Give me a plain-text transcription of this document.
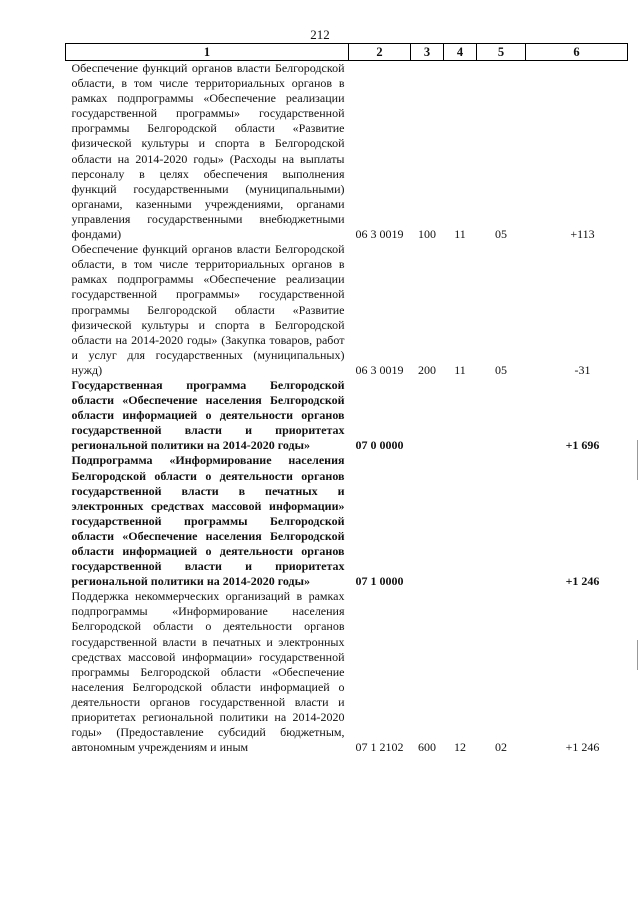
212
1	2	3	4	5	6
Обеспечение функций органов власти Белгородской области, в том числе территориальных органов в рамках подпрограммы «Обеспечение реализации государственной программы» государственной программы Белгородской области «Развитие физической культуры и спорта в Белгородской области на 2014-2020 годы» (Расходы на выплаты персоналу в целях обеспечения выполнения функций государственными (муниципальными) органами, казенными учреждениями, органами управления государственными внебюджетными фондами)	06 3 0019	100	11	05	+113
Обеспечение функций органов власти Белгородской области, в том числе территориальных органов в рамках подпрограммы «Обеспечение реализации государственной программы» государственной программы Белгородской области «Развитие физической культуры и спорта в Белгородской области на 2014-2020 годы» (Закупка товаров, работ и услуг для государственных (муниципальных) нужд)	06 3 0019	200	11	05	-31
Государственная программа Белгородской области «Обеспечение населения Белгородской области информацией о деятельности органов государственной власти и приоритетах региональной политики на 2014-2020 годы»	07 0 0000				+1 696
Подпрограмма «Информирование населения Белгородской области о деятельности органов государственной власти в печатных и электронных средствах массовой информации» государственной программы Белгородской области «Обеспечение населения Белгородской области информацией о деятельности органов государственной власти и приоритетах региональной политики на 2014-2020 годы»	07 1 0000				+1 246
Поддержка некоммерческих организаций в рамках подпрограммы «Информирование населения Белгородской области о деятельности органов государственной власти в печатных и электронных средствах массовой информации» государственной программы Белгородской области «Обеспечение населения Белгородской области информацией о деятельности органов государственной власти и приоритетах региональной политики на 2014-2020 годы» (Предоставление субсидий бюджетным, автономным учреждениям и иным	07 1 2102	600	12	02	+1 246
